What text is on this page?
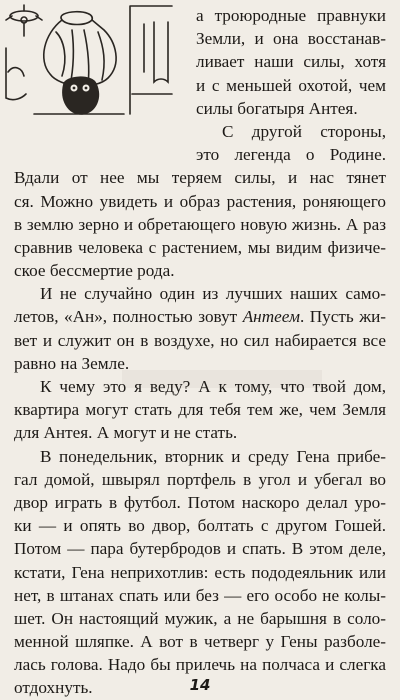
а троюродные правнуки
Земли, и она восстанав-
ливает наши силы, хотя
и с меньшей охотой, чем
силы богатыря Антея.
С другой стороны,
это легенда о Родине.
Вдали от нее мы теряем силы, и нас тянет
ся. Можно увидеть и образ растения, роняющего
в землю зерно и обретающего новую жизнь. А раз
сравнив человека с растением, мы видим физиче-
ское бессмертие рода.
И не случайно один из лучших наших само-
летов, «Ан», полностью зовут Антеем. Пусть жи-
вет и служит он в воздухе, но сил набирается все
равно на Земле.
К чему это я веду? А к тому, что твой дом,
квартира могут стать для тебя тем же, чем Земля
для Антея. А могут и не стать.
В понедельник, вторник и среду Гена прибе-
гал домой, швырял портфель в угол и убегал во
двор играть в футбол. Потом наскоро делал уро-
ки — и опять во двор, болтать с другом Гошей.
Потом — пара бутербродов и спать. В этом деле,
кстати, Гена неприхотлив: есть пододеяльник или
нет, в штанах спать или без — его особо не колы-
шет. Он настоящий мужик, а не барышня в соло-
менной шляпке. А вот в четверг у Гены разболе-
лась голова. Надо бы прилечь на полчаса и слегка
отдохнуть.	14
